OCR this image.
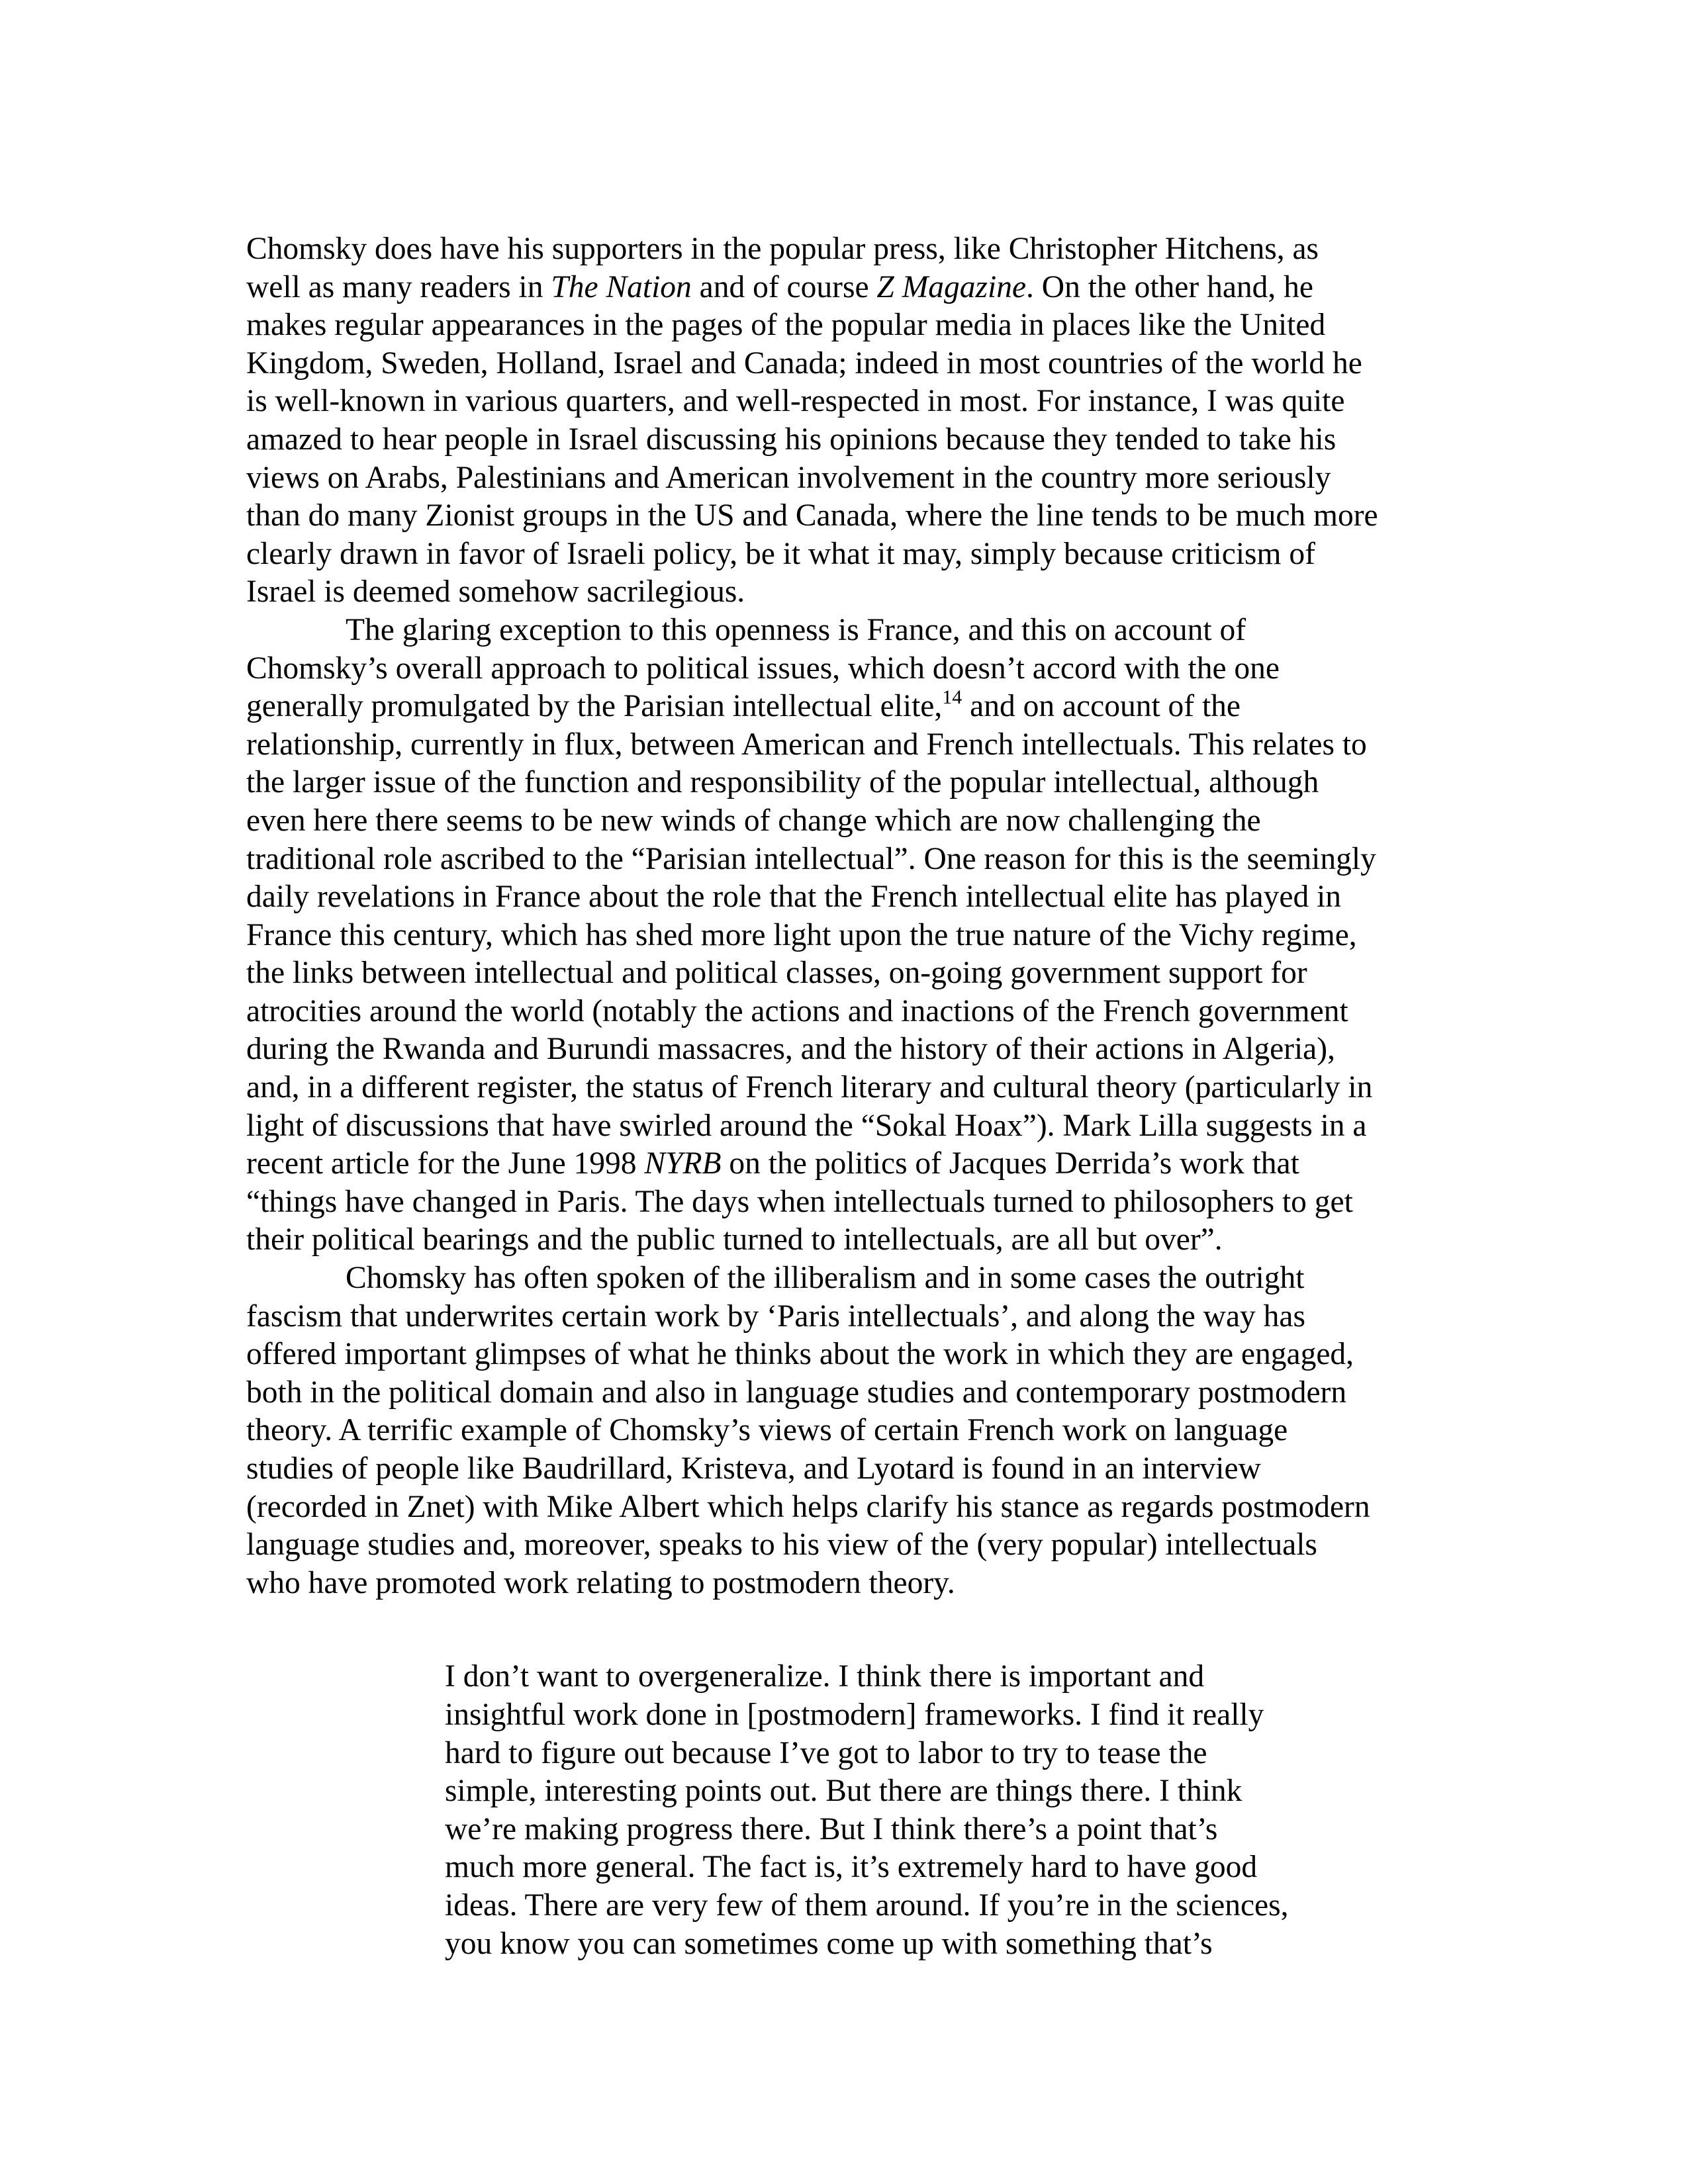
Chomsky does have his supporters in the popular press, like Christopher Hitchens, as
well as many readers in The Nation and of course Z Magazine. On the other hand, he
makes regular appearances in the pages of the popular media in places like the United
Kingdom, Sweden, Holland, Israel and Canada; indeed in most countries of the world he
is well-known in various quarters, and well-respected in most. For instance, I was quite
amazed to hear people in Israel discussing his opinions because they tended to take his
views on Arabs, Palestinians and American involvement in the country more seriously
than do many Zionist groups in the US and Canada, where the line tends to be much more
clearly drawn in favor of Israeli policy, be it what it may, simply because criticism of
Israel is deemed somehow sacrilegious.

The glaring exception to this openness is France, and this on account of
Chomsky’s overall approach to political issues, which doesn’t accord with the one
generally promulgated by the Parisian intellectual elite,$^{14}$ and on account of the
relationship, currently in flux, between American and French intellectuals. This relates to
the larger issue of the function and responsibility of the popular intellectual, although
even here there seems to be new winds of change which are now challenging the
traditional role ascribed to the “Parisian intellectual”. One reason for this is the seemingly
daily revelations in France about the role that the French intellectual elite has played in
France this century, which has shed more light upon the true nature of the Vichy regime,
the links between intellectual and political classes, on-going government support for
atrocities around the world (notably the actions and inactions of the French government
during the Rwanda and Burundi massacres, and the history of their actions in Algeria),
and, in a different register, the status of French literary and cultural theory (particularly in
light of discussions that have swirled around the “Sokal Hoax”). Mark Lilla suggests in a
recent article for the June 1998 NYRB on the politics of Jacques Derrida’s work that
“things have changed in Paris. The days when intellectuals turned to philosophers to get
their political bearings and the public turned to intellectuals, are all but over”.

Chomsky has often spoken of the illiberalism and in some cases the outright
fascism that underwrites certain work by ‘Paris intellectuals’, and along the way has
offered important glimpses of what he thinks about the work in which they are engaged,
both in the political domain and also in language studies and contemporary postmodern
theory. A terrific example of Chomsky’s views of certain French work on language
studies of people like Baudrillard, Kristeva, and Lyotard is found in an interview
(recorded in Znet) with Mike Albert which helps clarify his stance as regards postmodern
language studies and, moreover, speaks to his view of the (very popular) intellectuals
who have promoted work relating to postmodern theory.

I don’t want to overgeneralize. I think there is important and
insightful work done in [postmodern] frameworks. I find it really
hard to figure out because I’ve got to labor to try to tease the
simple, interesting points out. But there are things there. I think
we’re making progress there. But I think there’s a point that’s
much more general. The fact is, it’s extremely hard to have good
ideas. There are very few of them around. If you’re in the sciences,
you know you can sometimes come up with something that’s
